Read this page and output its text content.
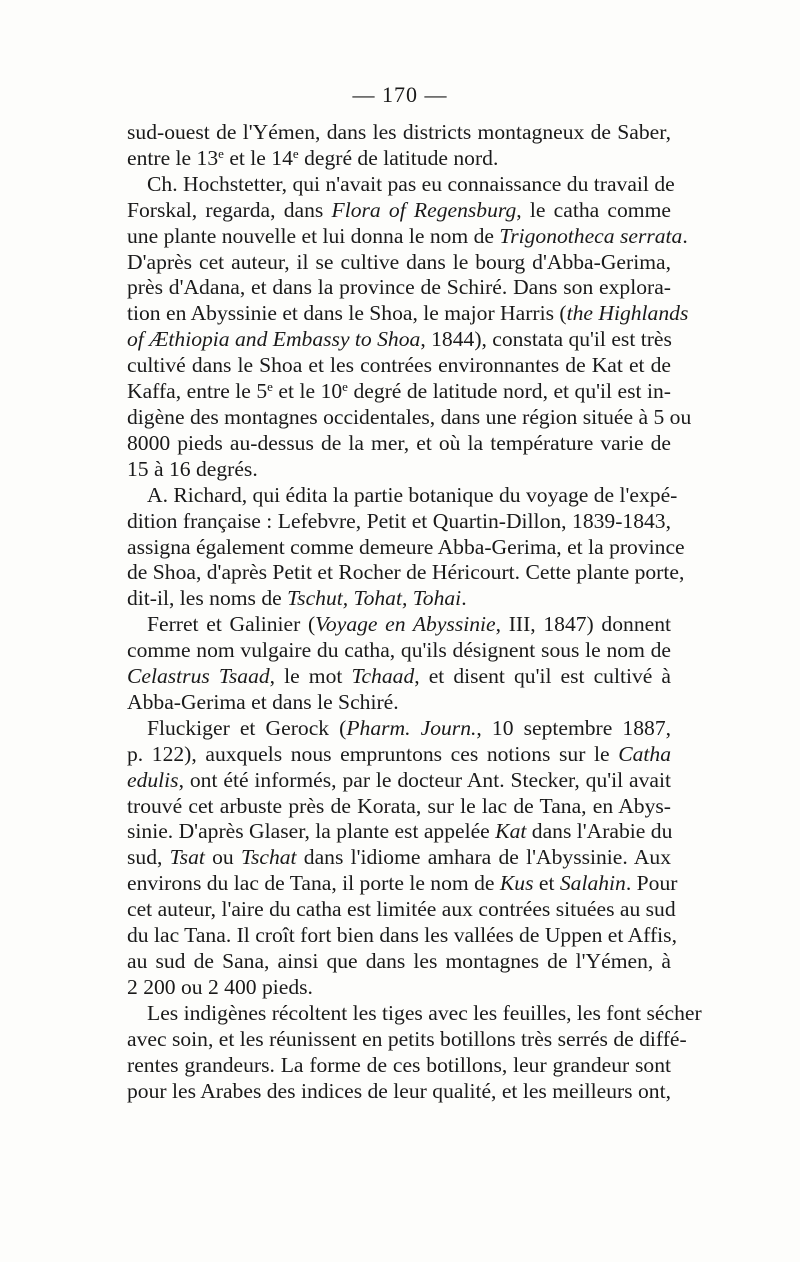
— 170 —
sud-ouest de l'Yémen, dans les districts montagneux de Saber,
entre le 13e et le 14e degré de latitude nord.
Ch. Hochstetter, qui n'avait pas eu connaissance du travail de
Forskal, regarda, dans Flora of Regensburg, le catha comme
une plante nouvelle et lui donna le nom de Trigonotheca serrata.
D'après cet auteur, il se cultive dans le bourg d'Abba-Gerima,
près d'Adana, et dans la province de Schiré. Dans son explora-
tion en Abyssinie et dans le Shoa, le major Harris (the Highlands
of Æthiopia and Embassy to Shoa, 1844), constata qu'il est très
cultivé dans le Shoa et les contrées environnantes de Kat et de
Kaffa, entre le 5e et le 10e degré de latitude nord, et qu'il est in-
digène des montagnes occidentales, dans une région située à 5 ou
8000 pieds au-dessus de la mer, et où la température varie de
15 à 16 degrés.
A. Richard, qui édita la partie botanique du voyage de l'expé-
dition française : Lefebvre, Petit et Quartin-Dillon, 1839-1843,
assigna également comme demeure Abba-Gerima, et la province
de Shoa, d'après Petit et Rocher de Héricourt. Cette plante porte,
dit-il, les noms de Tschut, Tohat, Tohai.
Ferret et Galinier (Voyage en Abyssinie, III, 1847) donnent
comme nom vulgaire du catha, qu'ils désignent sous le nom de
Celastrus Tsaad, le mot Tchaad, et disent qu'il est cultivé à
Abba-Gerima et dans le Schiré.
Fluckiger et Gerock (Pharm. Journ., 10 septembre 1887,
p. 122), auxquels nous empruntons ces notions sur le Catha
edulis, ont été informés, par le docteur Ant. Stecker, qu'il avait
trouvé cet arbuste près de Korata, sur le lac de Tana, en Abys-
sinie. D'après Glaser, la plante est appelée Kat dans l'Arabie du
sud, Tsat ou Tschat dans l'idiome amhara de l'Abyssinie. Aux
environs du lac de Tana, il porte le nom de Kus et Salahin. Pour
cet auteur, l'aire du catha est limitée aux contrées situées au sud
du lac Tana. Il croît fort bien dans les vallées de Uppen et Affis,
au sud de Sana, ainsi que dans les montagnes de l'Yémen, à
2 200 ou 2 400 pieds.
Les indigènes récoltent les tiges avec les feuilles, les font sécher
avec soin, et les réunissent en petits botillons très serrés de diffé-
rentes grandeurs. La forme de ces botillons, leur grandeur sont
pour les Arabes des indices de leur qualité, et les meilleurs ont,
